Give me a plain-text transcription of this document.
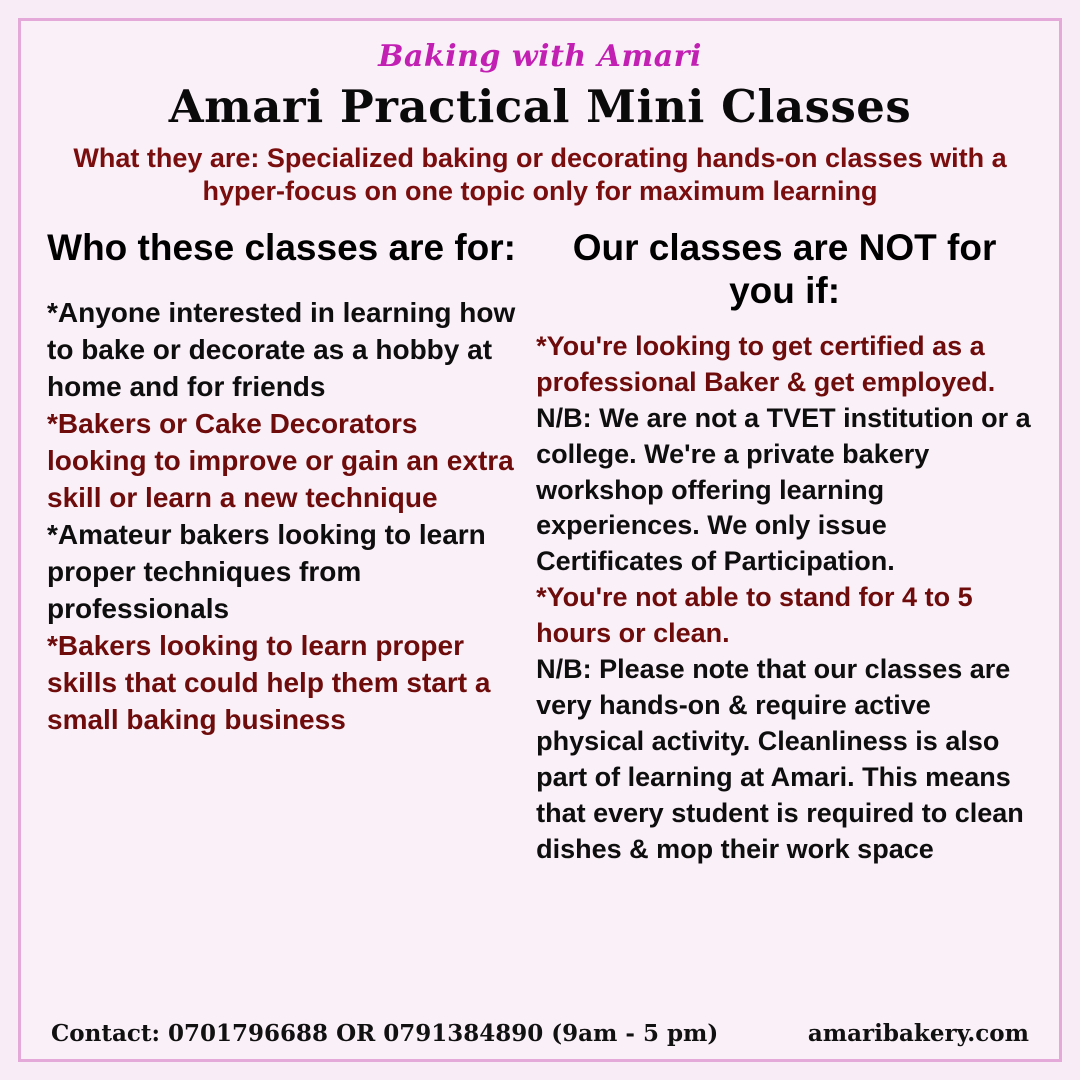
Baking with Amari
Amari Practical Mini Classes
What they are: Specialized baking or decorating hands-on classes with a hyper-focus on one topic only for maximum learning
Who these classes are for:

*Anyone interested in learning how to bake or decorate as a hobby at home and for friends

*Bakers or Cake Decorators looking to improve or gain an extra skill or learn a new technique

*Amateur bakers looking to learn proper techniques from professionals

*Bakers looking to learn proper skills that could help them start a small baking business

Our classes are NOT for you if:

*You're looking to get certified as a professional Baker & get employed.

N/B: We are not a TVET institution or a college. We're a private bakery workshop offering learning experiences. We only issue Certificates of Participation.

*You're not able to stand for 4 to 5 hours or clean.

N/B: Please note that our classes are very hands-on & require active physical activity. Cleanliness is also part of learning at Amari. This means that every student is required to clean dishes & mop their work space

Contact: 0701796688 OR 0791384890 (9am - 5 pm)	amaribakery.com
